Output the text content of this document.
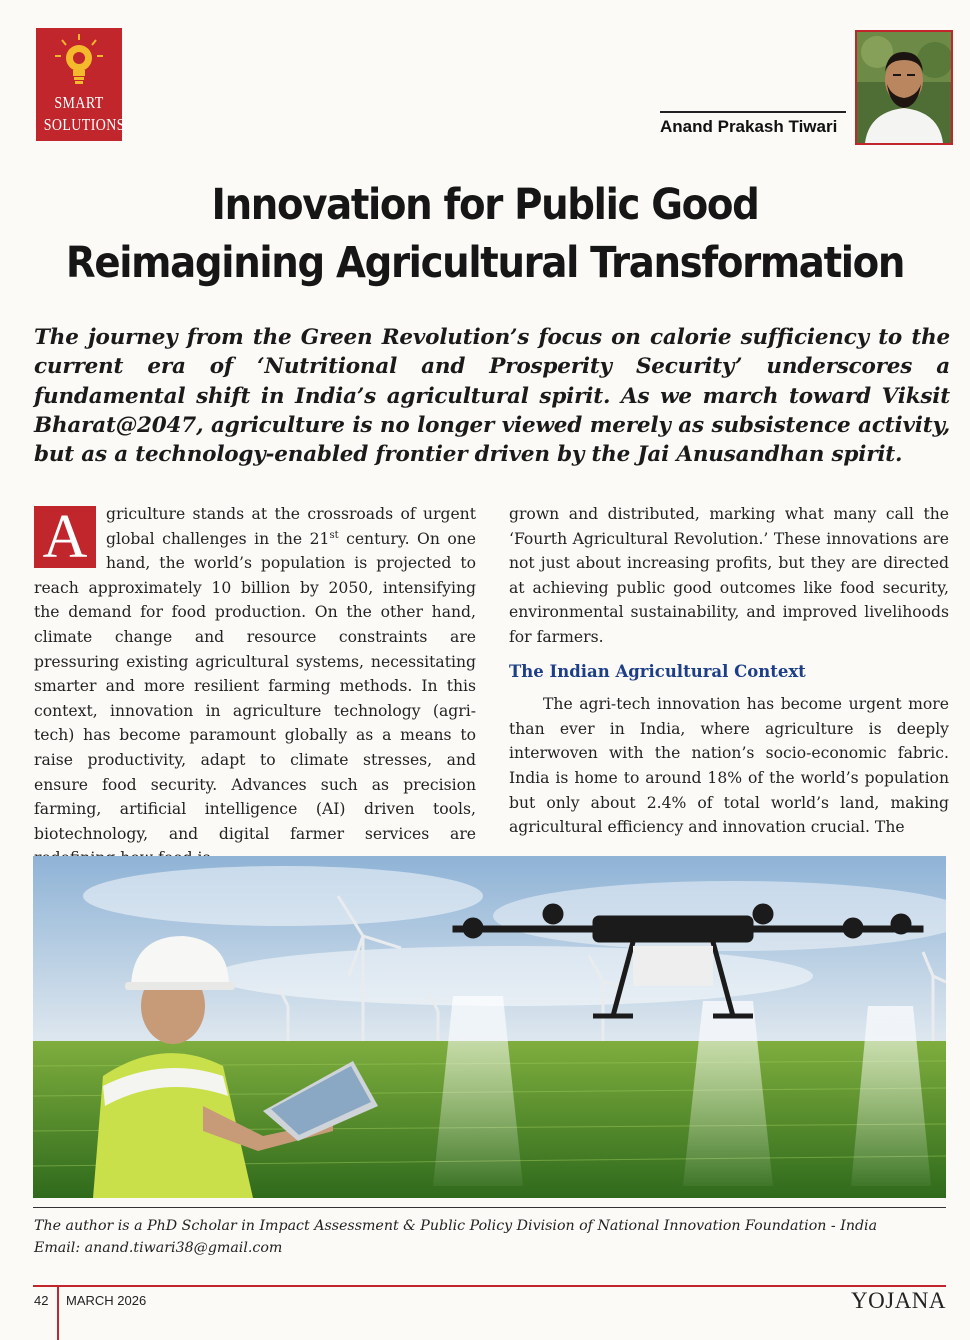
SMART
SOLUTIONS	Anand Prakash Tiwari
Innovation for Public Good
Reimagining Agricultural Transformation
The journey from the Green Revolution’s focus on calorie sufficiency to the current era of ‘Nutritional and Prosperity Security’ underscores a fundamental shift in India’s agricultural spirit. As we march toward Viksit Bharat@2047, agriculture is no longer viewed merely as subsistence activity, but as a technology-enabled frontier driven by the Jai Anusandhan spirit.

A	griculture stands at the crossroads of urgent global challenges in the 21st century. On one hand, the world’s population is projected to reach approximately 10 billion by 2050, intensifying the demand for food production. On the other hand, climate change and resource constraints are pressuring existing agricultural systems, necessitating smarter and more resilient farming methods. In this context, innovation in agriculture technology (agri-tech) has become paramount globally as a means to raise productivity, adapt to climate stresses, and ensure food security. Advances such as precision farming, artificial intelligence (AI) driven tools, biotechnology, and digital farmer services are

grown and distributed, marking what many call the ‘Fourth Agricultural Revolution.’ These innovations are not just about increasing profits, but they are directed at achieving public good outcomes like food security, environmental sustainability, and improved livelihoods for farmers.

The Indian Agricultural Context

The agri-tech innovation has become urgent more than ever in India, where agriculture is deeply interwoven with the nation’s socio-economic fabric. India is home to around 18% of the world’s population but only about 2.4% of total world’s land, making agricultural efficiency and innovation crucial. The

The author is a PhD Scholar in Impact Assessment & Public Policy Division of National Innovation Foundation - India
Email: anand.tiwari38@gmail.com
42 MARCH 2026	YOJANA
